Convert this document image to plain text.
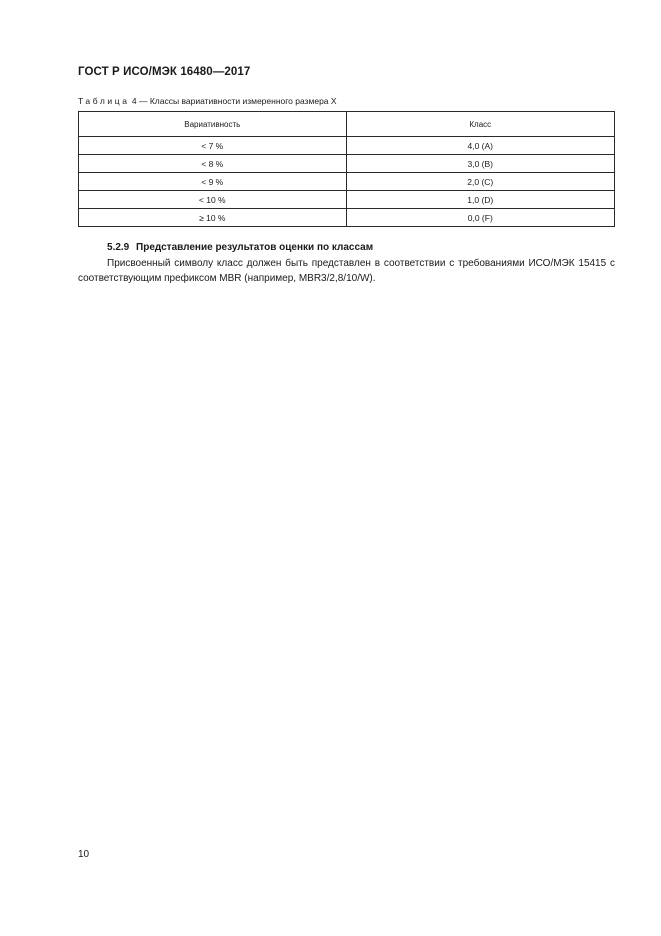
ГОСТ Р ИСО/МЭК 16480—2017
Таблица 4 — Классы вариативности измеренного размера X
Вариативность	Класс
< 7 %	4,0 (A)
< 8 %	3,0 (B)
< 9 %	2,0 (C)
< 10 %	1,0 (D)
≥ 10 %	0,0 (F)
5.2.9 Представление результатов оценки по классам
Присвоенный символу класс должен быть представлен в соответствии с требованиями ИСО/МЭК 15415 с соответствующим префиксом MBR (например, MBR3/2,8/10/W).
10
